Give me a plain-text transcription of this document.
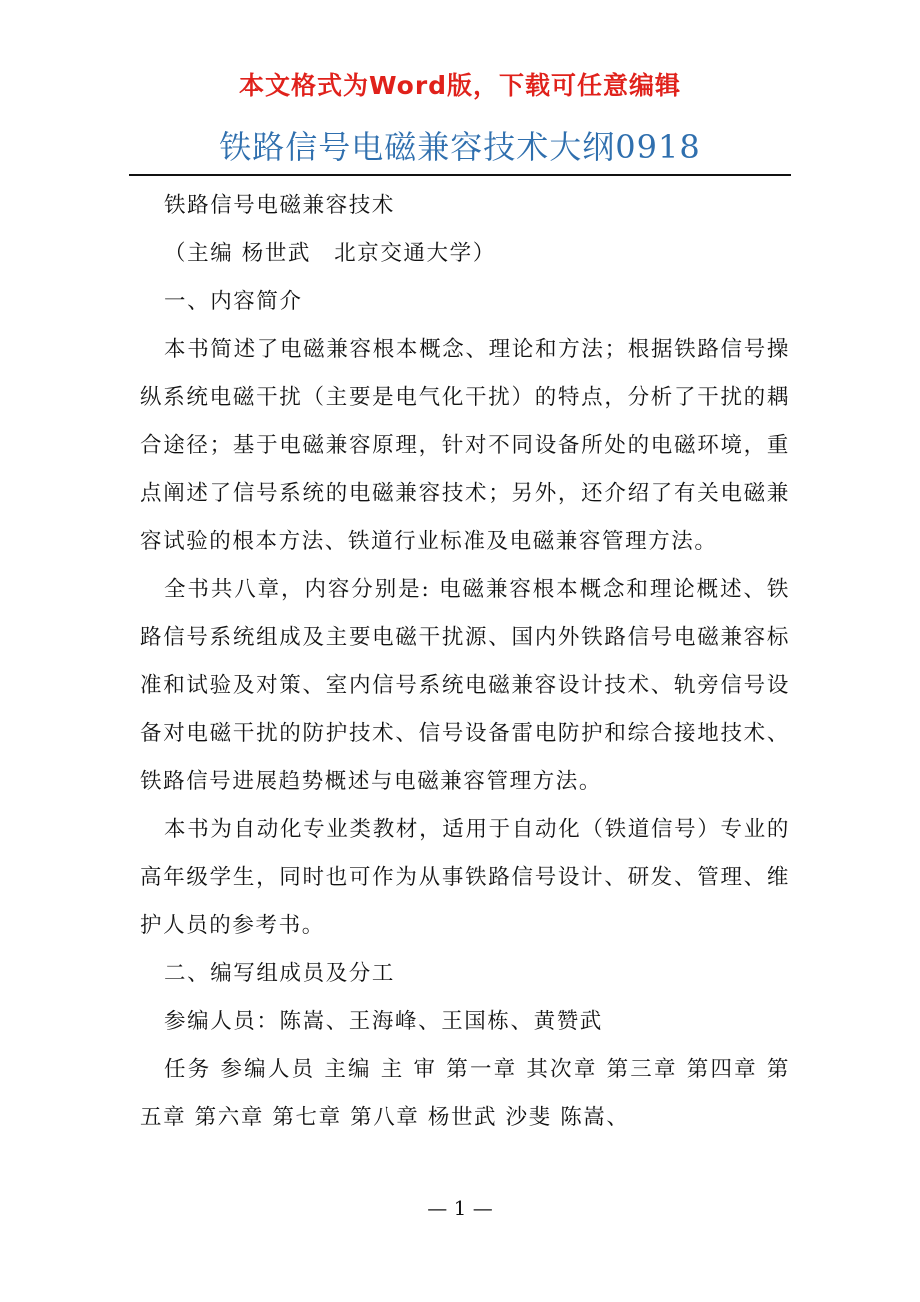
本文格式为Word版，下载可任意编辑
铁路信号电磁兼容技术大纲0918

铁路信号电磁兼容技术

（主编 杨世武　北京交通大学）

一、内容简介

本书简述了电磁兼容根本概念、理论和方法；根据铁路信号操纵系统电磁干扰（主要是电气化干扰）的特点，分析了干扰的耦合途径；基于电磁兼容原理，针对不同设备所处的电磁环境，重点阐述了信号系统的电磁兼容技术；另外，还介绍了有关电磁兼容试验的根本方法、铁道行业标准及电磁兼容管理方法。

全书共八章，内容分别是: 电磁兼容根本概念和理论概述、铁路信号系统组成及主要电磁干扰源、国内外铁路信号电磁兼容标准和试验及对策、室内信号系统电磁兼容设计技术、轨旁信号设备对电磁干扰的防护技术、信号设备雷电防护和综合接地技术、铁路信号进展趋势概述与电磁兼容管理方法。

本书为自动化专业类教材，适用于自动化（铁道信号）专业的高年级学生，同时也可作为从事铁路信号设计、研发、管理、维护人员的参考书。

二、编写组成员及分工

参编人员：陈嵩、王海峰、王国栋、黄赞武

任务 参编人员 主编 主 审 第一章 其次章 第三章 第四章 第五章 第六章 第七章 第八章 杨世武 沙斐 陈嵩、

— 1 —
